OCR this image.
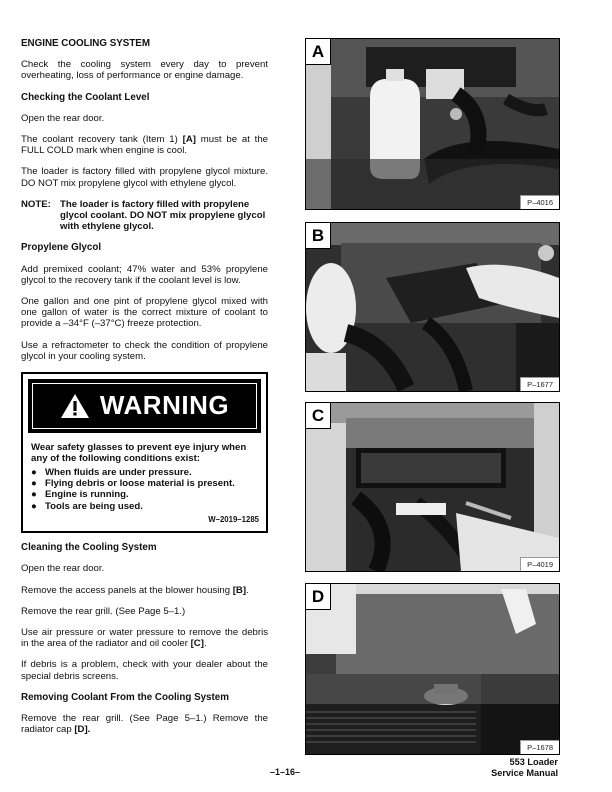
ENGINE COOLING SYSTEM

Check the cooling system every day to prevent overheating, loss of performance or engine damage.

Checking the Coolant Level

Open the rear door.

The coolant recovery tank (Item 1) [A] must be at the FULL COLD mark when engine is cool.

The loader is factory filled with propylene glycol mixture. DO NOT mix propylene glycol with ethylene glycol.

NOTE: The loader is factory filled with propylene glycol coolant. DO NOT mix propylene glycol with ethylene glycol.
Propylene Glycol

Add premixed coolant; 47% water and 53% propylene glycol to the recovery tank if the coolant level is low.

One gallon and one pint of propylene glycol mixed with one gallon of water is the correct mixture of coolant to provide a –34°F (–37°C) freeze protection.

Use a refractometer to check the condition of propylene glycol in your cooling system.

WARNING
Wear safety glasses to prevent eye injury when any of the following conditions exist:
● When fluids are under pressure.
● Flying debris or loose material is present.
● Engine is running.
● Tools are being used.
W–2019–1285
Cleaning the Cooling System

Open the rear door.

Remove the access panels at the blower housing [B].

Remove the rear grill. (See Page 5–1.)

Use air pressure or water pressure to remove the debris in the area of the radiator and oil cooler [C].

If debris is a problem, check with your dealer about the special debris screens.

Removing Coolant From the Cooling System

Remove the rear grill. (See Page 5–1.) Remove the radiator cap [D].

A
P–4016
B
P–1677
C
P–4019
D
P–1678
–1–16–
553 Loader
Service Manual
